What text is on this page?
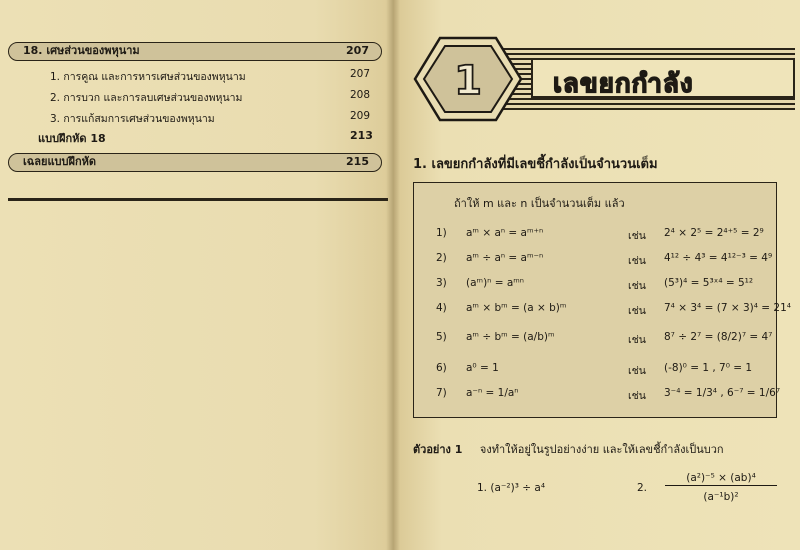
18. เศษส่วนของพหุนาม	207
1. การคูณ และการหารเศษส่วนของพหุนาม	207
2. การบวก และการลบเศษส่วนของพหุนาม	208
3. การแก้สมการเศษส่วนของพหุนาม	209
แบบฝึกหัด 18	213
เฉลยแบบฝึกหัด	215
เลขยกกำลัง
1
1. เลขยกกำลังที่มีเลขชี้กำลังเป็นจำนวนเต็ม
ถ้าให้ m และ n เป็นจำนวนเต็ม แล้ว
1) aᵐ × aⁿ = aᵐ⁺ⁿ	เช่น 2⁴ × 2⁵ = 2⁴⁺⁵ = 2⁹
2) aᵐ ÷ aⁿ = aᵐ⁻ⁿ	เช่น 4¹² ÷ 4³ = 4¹²⁻³ = 4⁹
3) (aᵐ)ⁿ = aᵐⁿ	เช่น (5³)⁴ = 5³ˣ⁴ = 5¹²
4) aᵐ × bᵐ = (a × b)ᵐ	เช่น 7⁴ × 3⁴ = (7 × 3)⁴ = 21⁴
5) aᵐ ÷ bᵐ = (a/b)ᵐ	เช่น 8⁷ ÷ 2⁷ = (8/2)⁷ = 4⁷
6) a⁰ = 1	เช่น (-8)⁰ = 1 , 7⁰ = 1
7) a⁻ⁿ = 1/aⁿ	เช่น 3⁻⁴ = 1/3⁴ , 6⁻⁷ = 1/6⁷
ตัวอย่าง 1 จงทำให้อยู่ในรูปอย่างง่าย และให้เลขชี้กำลังเป็นบวก
1. (a⁻²)³ ÷ a⁴	2.
(a²)⁻⁵ × (ab)⁴
(a⁻¹b)²
